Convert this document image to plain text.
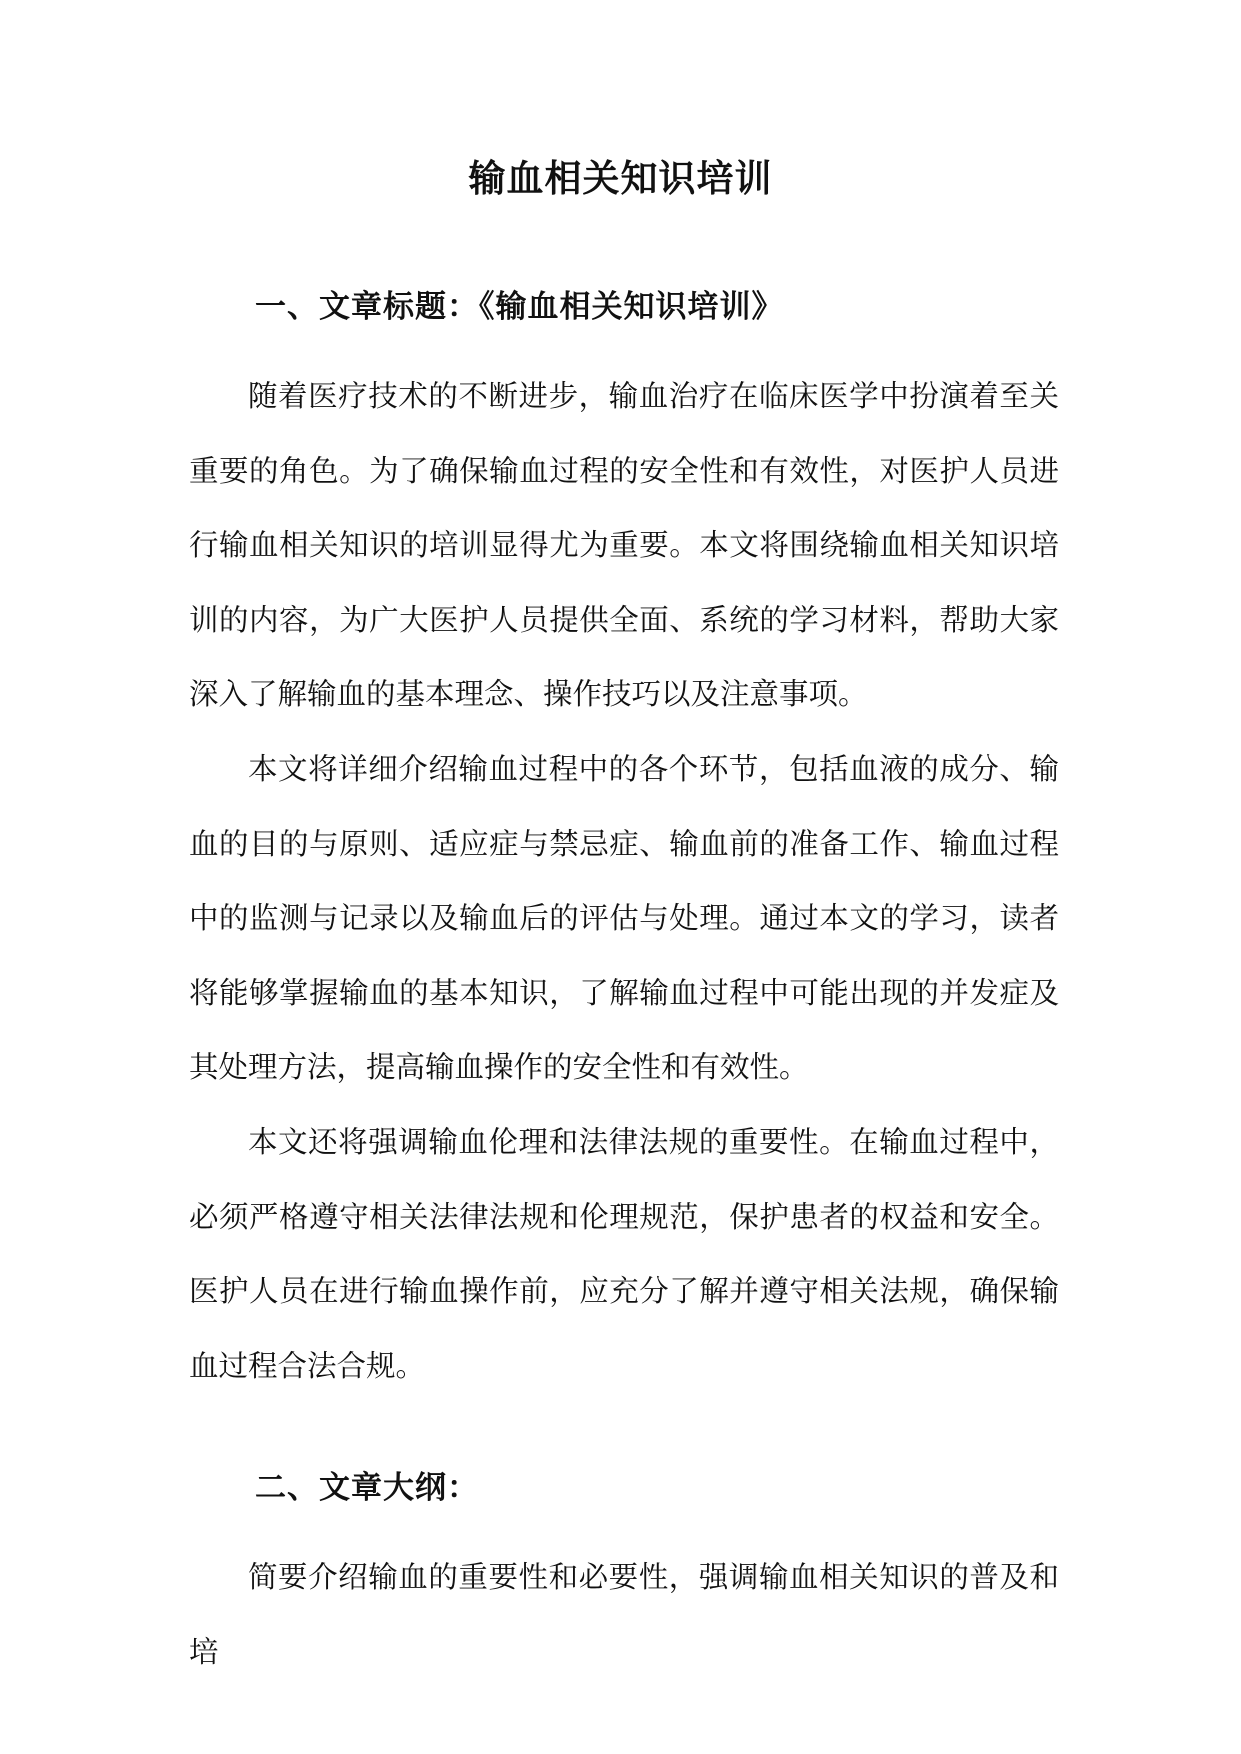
输血相关知识培训
一、文章标题：《输血相关知识培训》

随着医疗技术的不断进步，输血治疗在临床医学中扮演着至关重要的角色。为了确保输血过程的安全性和有效性，对医护人员进行输血相关知识的培训显得尤为重要。本文将围绕输血相关知识培训的内容，为广大医护人员提供全面、系统的学习材料，帮助大家深入了解输血的基本理念、操作技巧以及注意事项。

本文将详细介绍输血过程中的各个环节，包括血液的成分、输血的目的与原则、适应症与禁忌症、输血前的准备工作、输血过程中的监测与记录以及输血后的评估与处理。通过本文的学习，读者将能够掌握输血的基本知识，了解输血过程中可能出现的并发症及其处理方法，提高输血操作的安全性和有效性。

本文还将强调输血伦理和法律法规的重要性。在输血过程中，必须严格遵守相关法律法规和伦理规范，保护患者的权益和安全。医护人员在进行输血操作前，应充分了解并遵守相关法规，确保输血过程合法合规。

二、文章大纲：

简要介绍输血的重要性和必要性，强调输血相关知识的普及和培
